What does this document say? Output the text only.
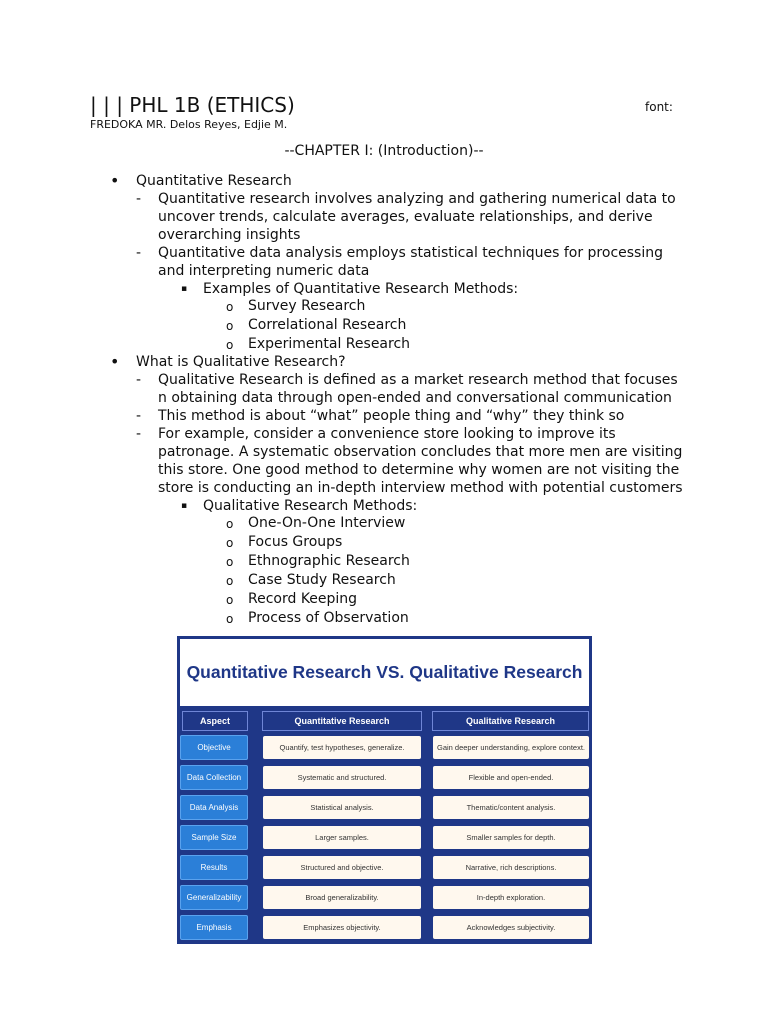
| | | PHL 1B (ETHICS)	font:
FREDOKA MR. Delos Reyes, Edjie M.
--CHAPTER I: (Introduction)--
• Quantitative Research
- Quantitative research involves analyzing and gathering numerical data to
uncover trends, calculate averages, evaluate relationships, and derive
overarching insights
- Quantitative data analysis employs statistical techniques for processing
and interpreting numeric data
▪ Examples of Quantitative Research Methods:
o Survey Research
o Correlational Research
o Experimental Research
• What is Qualitative Research?
- Qualitative Research is defined as a market research method that focuses
n obtaining data through open-ended and conversational communication
- This method is about “what” people thing and “why” they think so
- For example, consider a convenience store looking to improve its
patronage. A systematic observation concludes that more men are visiting
this store. One good method to determine why women are not visiting the
store is conducting an in-depth interview method with potential customers
▪ Qualitative Research Methods:
o One-On-One Interview
o Focus Groups
o Ethnographic Research
o Case Study Research
o Record Keeping
o Process of Observation
Quantitative Research VS. Qualitative Research
Aspect	Quantitative Research	Qualitative Research
Objective	Quantify, test hypotheses, generalize.	Gain deeper understanding, explore context.
Data Collection	Systematic and structured.	Flexible and open-ended.
Data Analysis	Statistical analysis.	Thematic/content analysis.
Sample Size	Larger samples.	Smaller samples for depth.
Results	Structured and objective.	Narrative, rich descriptions.
Generalizability	Broad generalizability.	In-depth exploration.
Emphasis	Emphasizes objectivity.	Acknowledges subjectivity.
